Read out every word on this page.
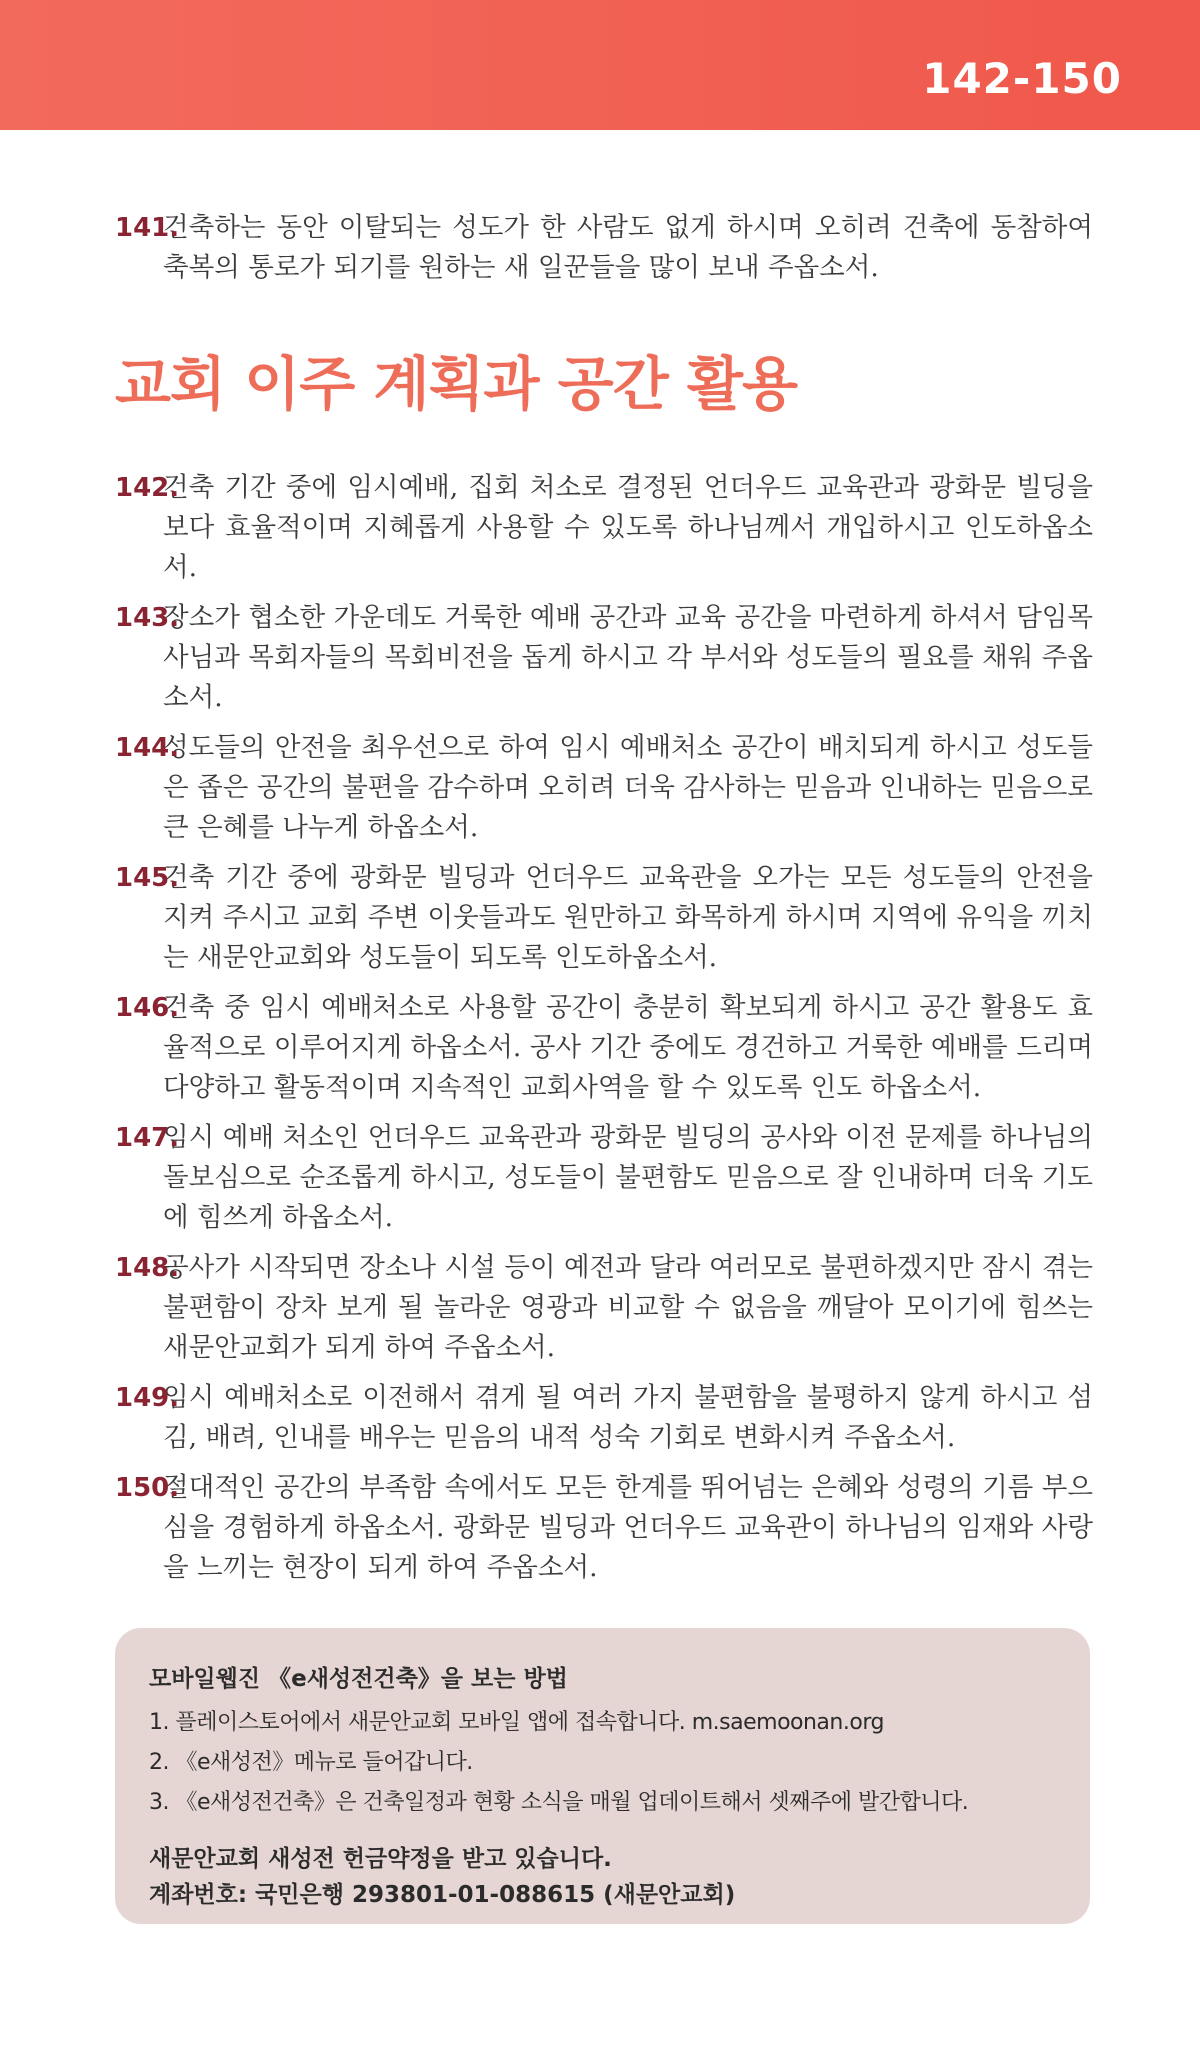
142-150
141.
건축하는 동안 이탈되는 성도가 한 사람도 없게 하시며 오히려 건축에 동참하여 축복의 통로가 되기를 원하는 새 일꾼들을 많이 보내 주옵소서.
교회 이주 계획과 공간 활용
142.
건축 기간 중에 임시예배, 집회 처소로 결정된 언더우드 교육관과 광화문 빌딩을 보다 효율적이며 지혜롭게 사용할 수 있도록 하나님께서 개입하시고 인도하옵소서.
143.
장소가 협소한 가운데도 거룩한 예배 공간과 교육 공간을 마련하게 하셔서 담임목사님과 목회자들의 목회비전을 돕게 하시고 각 부서와 성도들의 필요를 채워 주옵소서.
144.
성도들의 안전을 최우선으로 하여 임시 예배처소 공간이 배치되게 하시고 성도들은 좁은 공간의 불편을 감수하며 오히려 더욱 감사하는 믿음과 인내하는 믿음으로 큰 은혜를 나누게 하옵소서.
145.
건축 기간 중에 광화문 빌딩과 언더우드 교육관을 오가는 모든 성도들의 안전을 지켜 주시고 교회 주변 이웃들과도 원만하고 화목하게 하시며 지역에 유익을 끼치는 새문안교회와 성도들이 되도록 인도하옵소서.
146.
건축 중 임시 예배처소로 사용할 공간이 충분히 확보되게 하시고 공간 활용도 효율적으로 이루어지게 하옵소서. 공사 기간 중에도 경건하고 거룩한 예배를 드리며 다양하고 활동적이며 지속적인 교회사역을 할 수 있도록 인도 하옵소서.
147.
임시 예배 처소인 언더우드 교육관과 광화문 빌딩의 공사와 이전 문제를 하나님의 돌보심으로 순조롭게 하시고, 성도들이 불편함도 믿음으로 잘 인내하며 더욱 기도에 힘쓰게 하옵소서.
148.
공사가 시작되면 장소나 시설 등이 예전과 달라 여러모로 불편하겠지만 잠시 겪는 불편함이 장차 보게 될 놀라운 영광과 비교할 수 없음을 깨달아 모이기에 힘쓰는 새문안교회가 되게 하여 주옵소서.
149.
임시 예배처소로 이전해서 겪게 될 여러 가지 불편함을 불평하지 않게 하시고 섬김, 배려, 인내를 배우는 믿음의 내적 성숙 기회로 변화시켜 주옵소서.
150.
절대적인 공간의 부족함 속에서도 모든 한계를 뛰어넘는 은혜와 성령의 기름 부으심을 경험하게 하옵소서. 광화문 빌딩과 언더우드 교육관이 하나님의 임재와 사랑을 느끼는 현장이 되게 하여 주옵소서.
모바일웹진 《e새성전건축》을 보는 방법
1. 플레이스토어에서 새문안교회 모바일 앱에 접속합니다. m.saemoonan.org
2. 《e새성전》메뉴로 들어갑니다.
3. 《e새성전건축》은 건축일정과 현황 소식을 매월 업데이트해서 셋째주에 발간합니다.
새문안교회 새성전 헌금약정을 받고 있습니다.
계좌번호: 국민은행 293801-01-088615 (새문안교회)
